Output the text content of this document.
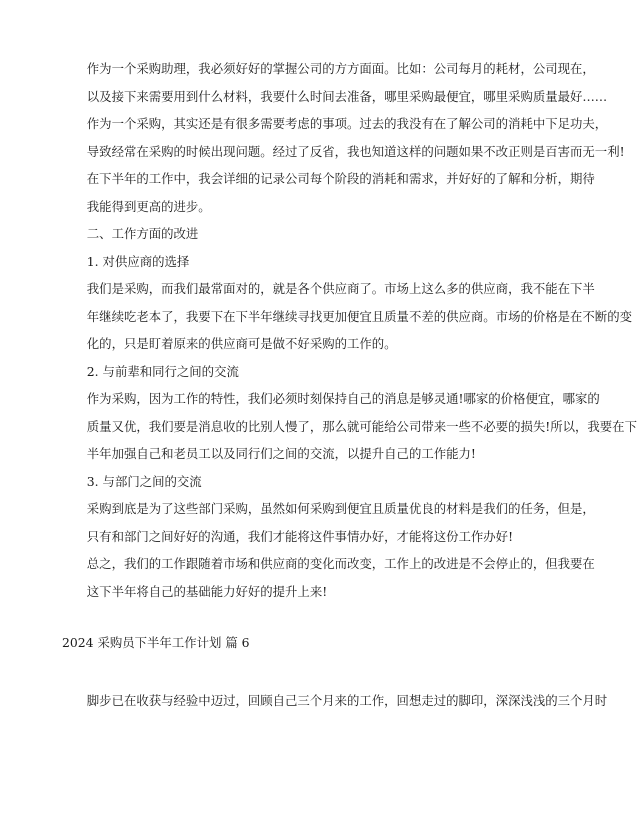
作为一个采购助理，我必须好好的掌握公司的方方面面。比如：公司每月的耗材，公司现在，
以及接下来需要用到什么材料，我要什么时间去准备，哪里采购最便宜，哪里采购质量最好……

作为一个采购，其实还是有很多需要考虑的事项。过去的我没有在了解公司的消耗中下足功夫，
导致经常在采购的时候出现问题。经过了反省，我也知道这样的问题如果不改正则是百害而无一利!

在下半年的工作中，我会详细的记录公司每个阶段的消耗和需求，并好好的了解和分析，期待
我能得到更高的进步。

二、工作方面的改进

1. 对供应商的选择

我们是采购，而我们最常面对的，就是各个供应商了。市场上这么多的供应商，我不能在下半
年继续吃老本了，我要下在下半年继续寻找更加便宜且质量不差的供应商。市场的价格是在不断的变
化的，只是盯着原来的供应商可是做不好采购的工作的。

2. 与前辈和同行之间的交流

作为采购，因为工作的特性，我们必须时刻保持自己的消息是够灵通!哪家的价格便宜，哪家的
质量又优，我们要是消息收的比别人慢了，那么就可能给公司带来一些不必要的损失!所以，我要在下
半年加强自己和老员工以及同行们之间的交流，以提升自己的工作能力!

3. 与部门之间的交流

采购到底是为了这些部门采购，虽然如何采购到便宜且质量优良的材料是我们的任务，但是，
只有和部门之间好好的沟通，我们才能将这件事情办好，才能将这份工作办好!

总之，我们的工作跟随着市场和供应商的变化而改变，工作上的改进是不会停止的，但我要在
这下半年将自己的基础能力好好的提升上来!

2024 采购员下半年工作计划 篇 6

脚步已在收获与经验中迈过，回顾自己三个月来的工作，回想走过的脚印，深深浅浅的三个月时
